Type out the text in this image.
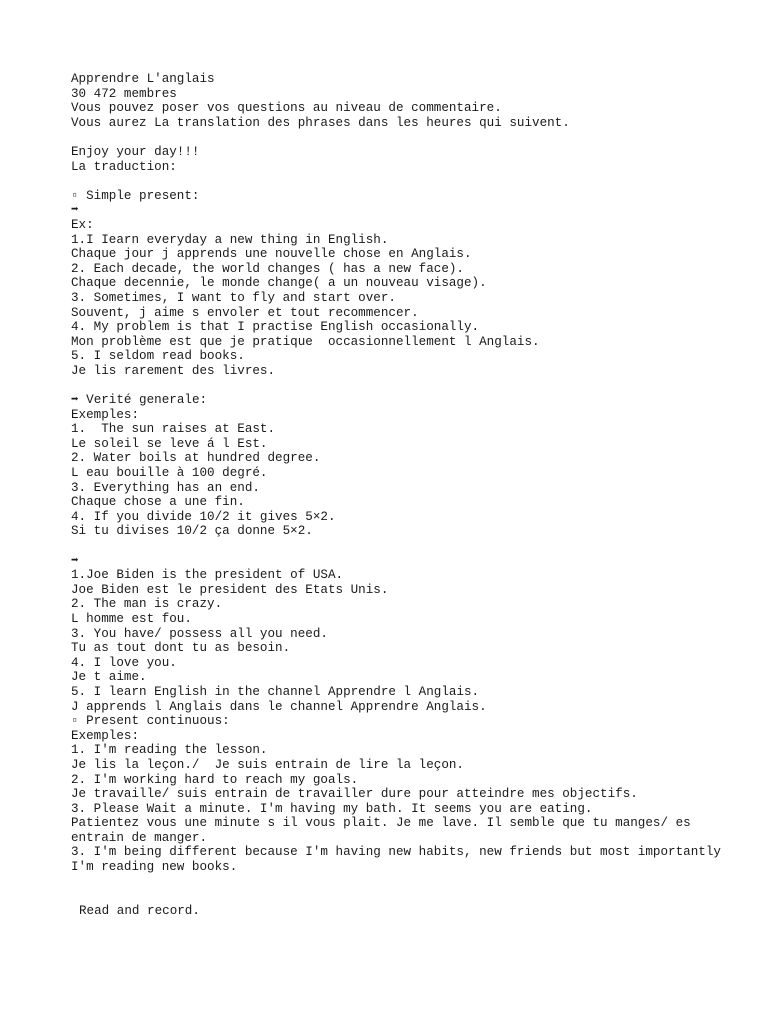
Apprendre L'anglais
30 472 membres
Vous pouvez poser vos questions au niveau de commentaire.
Vous aurez La translation des phrases dans les heures qui suivent.
Enjoy your day!!!
La traduction:
▫ Simple present:
➡
Ex:
1.I Iearn everyday a new thing in English.
Chaque jour j apprends une nouvelle chose en Anglais.
2. Each decade, the world changes ( has a new face).
Chaque decennie, le monde change( a un nouveau visage).
3. Sometimes, I want to fly and start over.
Souvent, j aime s envoler et tout recommencer.
4. My problem is that I practise English occasionally.
Mon problème est que je pratique  occasionnellement l Anglais.
5. I seldom read books.
Je lis rarement des livres.
➡ Verité generale:
Exemples:
1.  The sun raises at East.
Le soleil se leve á l Est.
2. Water boils at hundred degree.
L eau bouille à 100 degré.
3. Everything has an end.
Chaque chose a une fin.
4. If you divide 10/2 it gives 5×2.
Si tu divises 10/2 ça donne 5×2.
➡
1.Joe Biden is the president of USA.
Joe Biden est le president des Etats Unis.
2. The man is crazy.
L homme est fou.
3. You have/ possess all you need.
Tu as tout dont tu as besoin.
4. I love you.
Je t aime.
5. I learn English in the channel Apprendre l Anglais.
J apprends l Anglais dans le channel Apprendre Anglais.
▫ Present continuous:
Exemples:
1. I'm reading the lesson.
Je lis la leçon./  Je suis entrain de lire la leçon.
2. I'm working hard to reach my goals.
Je travaille/ suis entrain de travailler dure pour atteindre mes objectifs.
3. Please Wait a minute. I'm having my bath. It seems you are eating.
Patientez vous une minute s il vous plait. Je me lave. Il semble que tu manges/ es entrain de manger.
3. I'm being different because I'm having new habits, new friends but most importantly I'm reading new books.
Read and record.
